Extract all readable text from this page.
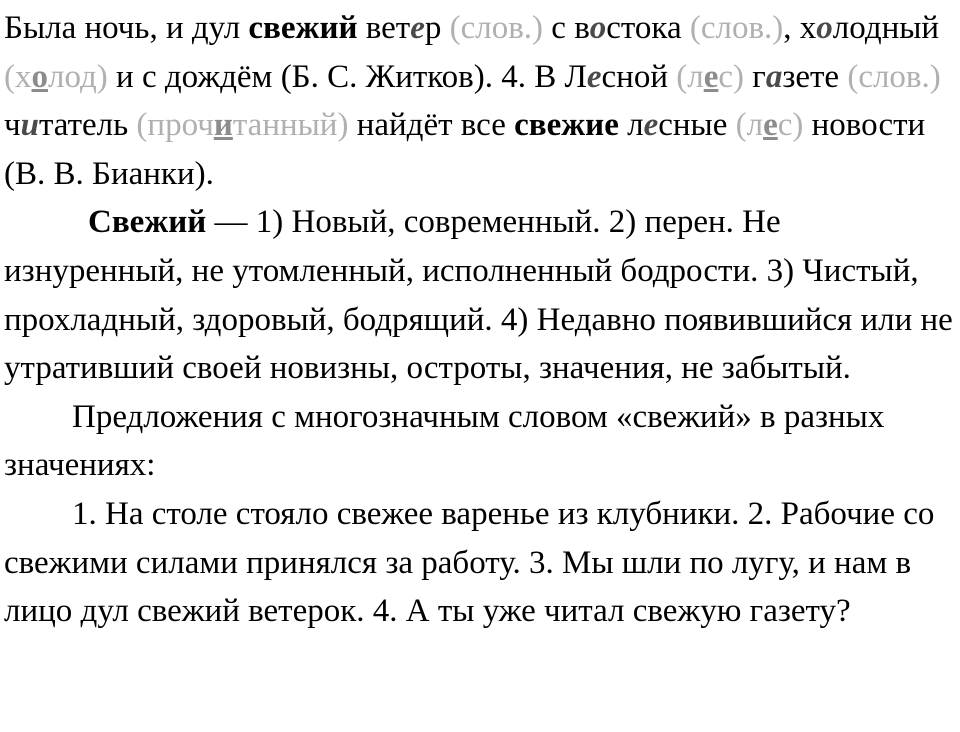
Была ночь, и дул свежий ветер (слов.) с востока (слов.), холодный (холод) и с дождём (Б. С. Житков). 4. В Лесной (лес) газете (слов.) читатель (прочитанный) найдёт все свежие лесные (лес) новости (В. В. Бианки).

Свежий — 1) Новый, современный. 2) перен. Не изнуренный, не утомленный, исполненный бодрости. 3) Чистый, прохладный, здоровый, бодрящий. 4) Недавно появившийся или не утративший своей новизны, остроты, значения, не забытый.

Предложения с многозначным словом «свежий» в разных значениях:

1. На столе стояло свежее варенье из клубники. 2. Рабочие со свежими силами принялся за работу. 3. Мы шли по лугу, и нам в лицо дул свежий ветерок. 4. А ты уже читал свежую газету?
